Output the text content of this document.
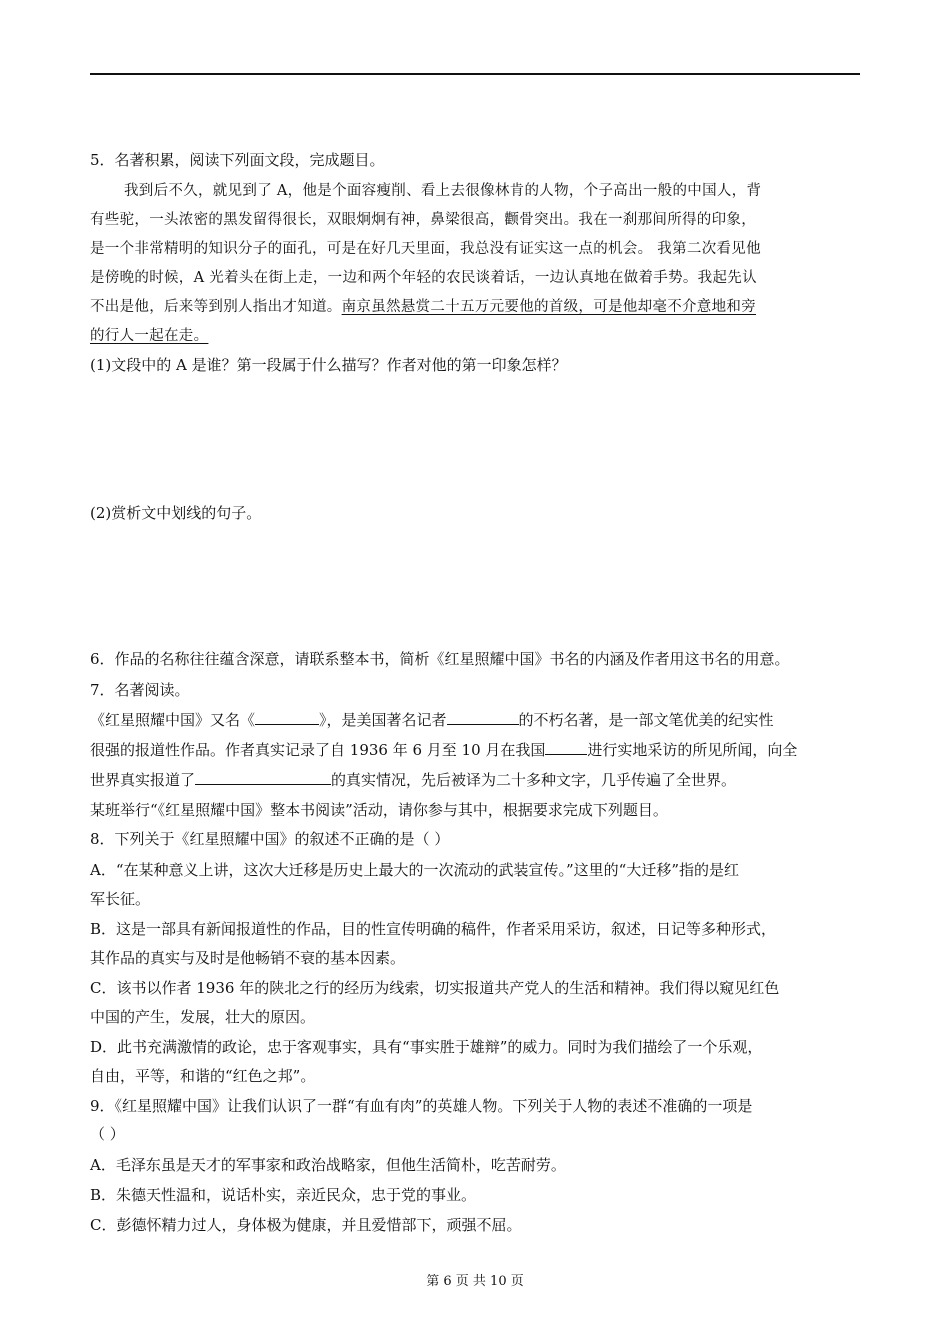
5．名著积累，阅读下列面文段，完成题目。
我到后不久，就见到了 A，他是个面容瘦削、看上去很像林肯的人物，个子高出一般的中国人，背
有些驼，一头浓密的黑发留得很长，双眼炯炯有神，鼻梁很高，颧骨突出。我在一刹那间所得的印象，
是一个非常精明的知识分子的面孔，可是在好几天里面，我总没有证实这一点的机会。 我第二次看见他
是傍晚的时候，A 光着头在街上走，一边和两个年轻的农民谈着话，一边认真地在做着手势。我起先认
不出是他，后来等到别人指出才知道。南京虽然悬赏二十五万元要他的首级，可是他却毫不介意地和旁
的行人一起在走。
(1)文段中的 A 是谁？第一段属于什么描写？作者对他的第一印象怎样？
(2)赏析文中划线的句子。
6．作品的名称往往蕴含深意，请联系整本书，简析《红星照耀中国》书名的内涵及作者用这书名的用意。
7．名著阅读。
《红星照耀中国》又名《	》，是美国著名记者	的不朽名著，是一部文笔优美的纪实性
很强的报道性作品。作者真实记录了自 1936 年 6 月至 10 月在我国	进行实地采访的所见所闻，向全
世界真实报道了	的真实情况，先后被译为二十多种文字，几乎传遍了全世界。
某班举行“《红星照耀中国》整本书阅读”活动，请你参与其中，根据要求完成下列题目。
8．下列关于《红星照耀中国》的叙述不正确的是（ ）
A．“在某种意义上讲，这次大迁移是历史上最大的一次流动的武装宣传。”这里的“大迁移”指的是红
军长征。
B．这是一部具有新闻报道性的作品，目的性宣传明确的稿件，作者采用采访，叙述，日记等多种形式，
其作品的真实与及时是他畅销不衰的基本因素。
C．该书以作者 1936 年的陕北之行的经历为线索，切实报道共产党人的生活和精神。我们得以窥见红色
中国的产生，发展，壮大的原因。
D．此书充满激情的政论，忠于客观事实，具有“事实胜于雄辩”的威力。同时为我们描绘了一个乐观，
自由，平等，和谐的“红色之邦”。
9．《红星照耀中国》让我们认识了一群“有血有肉”的英雄人物。下列关于人物的表述不准确的一项是
（ ）
A．毛泽东虽是天才的军事家和政治战略家，但他生活简朴，吃苦耐劳。
B．朱德天性温和，说话朴实，亲近民众，忠于党的事业。
C．彭德怀精力过人，身体极为健康，并且爱惜部下，顽强不屈。
第 6 页 共 10 页
